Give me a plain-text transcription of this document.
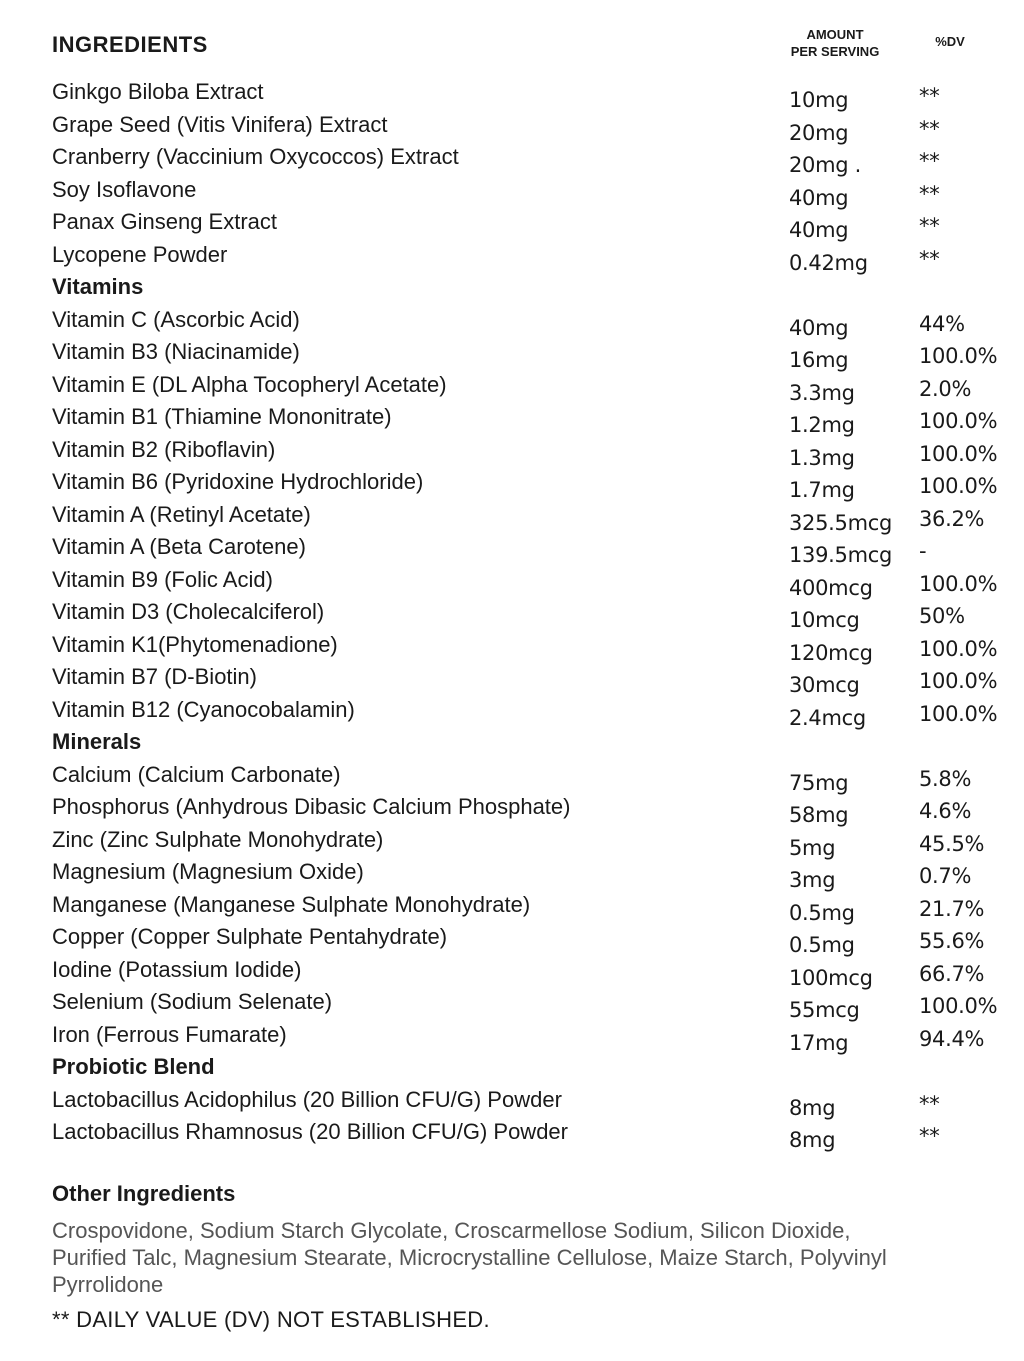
INGREDIENTS	AMOUNT
PER SERVING
%DV
Ginkgo Biloba Extract	10mg	**
Grape Seed (Vitis Vinifera) Extract	20mg	**
Cranberry (Vaccinium Oxycoccos) Extract	20mg .	**
Soy Isoflavone	40mg	**
Panax Ginseng Extract	40mg	**
Lycopene Powder	0.42mg **
Vitamins
Vitamin C (Ascorbic Acid)	40mg	44%
Vitamin B3 (Niacinamide)	16mg	100.0%
Vitamin E (DL Alpha Tocopheryl Acetate)	3.3mg	2.0%
Vitamin B1 (Thiamine Mononitrate)	1.2mg	100.0%
Vitamin B2 (Riboflavin)	1.3mg	100.0%
Vitamin B6 (Pyridoxine Hydrochloride)	1.7mg	100.0%
Vitamin A (Retinyl Acetate)	325.5mcg 36.2%
Vitamin A (Beta Carotene)	139.5mcg -
Vitamin B9 (Folic Acid)	400mcg 100.0%
Vitamin D3 (Cholecalciferol)	10mcg	50%
Vitamin K1(Phytomenadione)	120mcg 100.0%
Vitamin B7 (D-Biotin)	30mcg	100.0%
Vitamin B12 (Cyanocobalamin)	2.4mcg	100.0%
Minerals
Calcium (Calcium Carbonate)	75mg	5.8%
Phosphorus (Anhydrous Dibasic Calcium Phosphate)	58mg	4.6%
Zinc (Zinc Sulphate Monohydrate)	5mg	45.5%
Magnesium (Magnesium Oxide)	3mg	0.7%
Manganese (Manganese Sulphate Monohydrate)	0.5mg	21.7%
Copper (Copper Sulphate Pentahydrate)	0.5mg	55.6%
Iodine (Potassium Iodide)	100mcg 66.7%
Selenium (Sodium Selenate)	55mcg	100.0%
Iron (Ferrous Fumarate)	17mg	94.4%
Probiotic Blend
Lactobacillus Acidophilus (20 Billion CFU/G) Powder	8mg	**
Lactobacillus Rhamnosus (20 Billion CFU/G) Powder	8mg	**
Other Ingredients
Crospovidone, Sodium Starch Glycolate, Croscarmellose Sodium, Silicon Dioxide, Purified Talc, Magnesium Stearate, Microcrystalline Cellulose, Maize Starch, Polyvinyl Pyrrolidone
** DAILY VALUE (DV) NOT ESTABLISHED.
